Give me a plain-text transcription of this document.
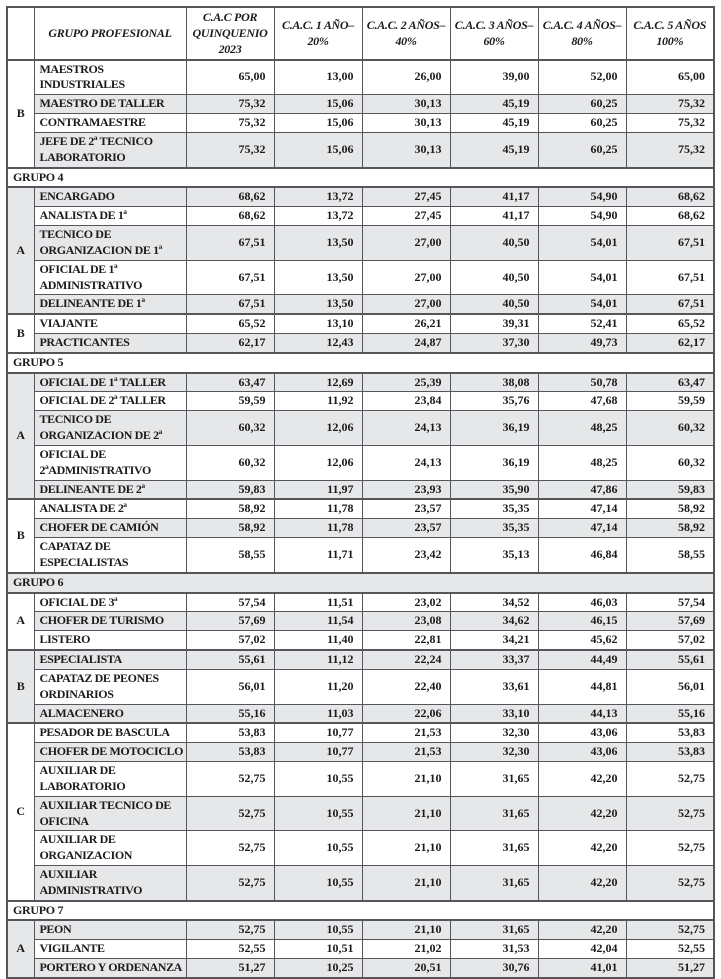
	GRUPO PROFESIONAL	C.A.C POR QUINQUENIO 2023	C.A.C. 1 AÑO–20%	C.A.C. 2 AÑOS–40%	C.A.C. 3 AÑOS–60%	C.A.C. 4 AÑOS–80%	C.A.C. 5 AÑOS 100%
B	MAESTROS INDUSTRIALES	65,00	13,00	26,00	39,00	52,00	65,00
	MAESTRO DE TALLER	75,32	15,06	30,13	45,19	60,25	75,32
	CONTRAMAESTRE	75,32	15,06	30,13	45,19	60,25	75,32
	JEFE DE 2ª TECNICO LABORATORIO	75,32	15,06	30,13	45,19	60,25	75,32
GRUPO 4							
A	ENCARGADO	68,62	13,72	27,45	41,17	54,90	68,62
	ANALISTA DE 1ª	68,62	13,72	27,45	41,17	54,90	68,62
	TECNICO DE ORGANIZACION DE 1ª	67,51	13,50	27,00	40,50	54,01	67,51
	OFICIAL DE 1ª ADMINISTRATIVO	67,51	13,50	27,00	40,50	54,01	67,51
	DELINEANTE DE 1ª	67,51	13,50	27,00	40,50	54,01	67,51
B	VIAJANTE	65,52	13,10	26,21	39,31	52,41	65,52
	PRACTICANTES	62,17	12,43	24,87	37,30	49,73	62,17
GRUPO 5							
A	OFICIAL DE 1ª TALLER	63,47	12,69	25,39	38,08	50,78	63,47
	OFICIAL DE 2ª TALLER	59,59	11,92	23,84	35,76	47,68	59,59
	TECNICO DE ORGANIZACION DE 2ª	60,32	12,06	24,13	36,19	48,25	60,32
	OFICIAL DE 2ªADMINISTRATIVO	60,32	12,06	24,13	36,19	48,25	60,32
	DELINEANTE DE 2ª	59,83	11,97	23,93	35,90	47,86	59,83
B	ANALISTA DE 2ª	58,92	11,78	23,57	35,35	47,14	58,92
	CHOFER DE CAMIÓN	58,92	11,78	23,57	35,35	47,14	58,92
	CAPATAZ DE ESPECIALISTAS	58,55	11,71	23,42	35,13	46,84	58,55
GRUPO 6							
A	OFICIAL DE 3ª	57,54	11,51	23,02	34,52	46,03	57,54
	CHOFER DE TURISMO	57,69	11,54	23,08	34,62	46,15	57,69
	LISTERO	57,02	11,40	22,81	34,21	45,62	57,02
B	ESPECIALISTA	55,61	11,12	22,24	33,37	44,49	55,61
	CAPATAZ DE PEONES ORDINARIOS	56,01	11,20	22,40	33,61	44,81	56,01
	ALMACENERO	55,16	11,03	22,06	33,10	44,13	55,16
C	PESADOR DE BASCULA	53,83	10,77	21,53	32,30	43,06	53,83
	CHOFER DE MOTOCICLO	53,83	10,77	21,53	32,30	43,06	53,83
	AUXILIAR DE LABORATORIO	52,75	10,55	21,10	31,65	42,20	52,75
	AUXILIAR TECNICO DE OFICINA	52,75	10,55	21,10	31,65	42,20	52,75
	AUXILIAR DE ORGANIZACION	52,75	10,55	21,10	31,65	42,20	52,75
	AUXILIAR ADMINISTRATIVO	52,75	10,55	21,10	31,65	42,20	52,75
GRUPO 7							
A	PEON	52,75	10,55	21,10	31,65	42,20	52,75
	VIGILANTE	52,55	10,51	21,02	31,53	42,04	52,55
	PORTERO Y ORDENANZA	51,27	10,25	20,51	30,76	41,01	51,27
